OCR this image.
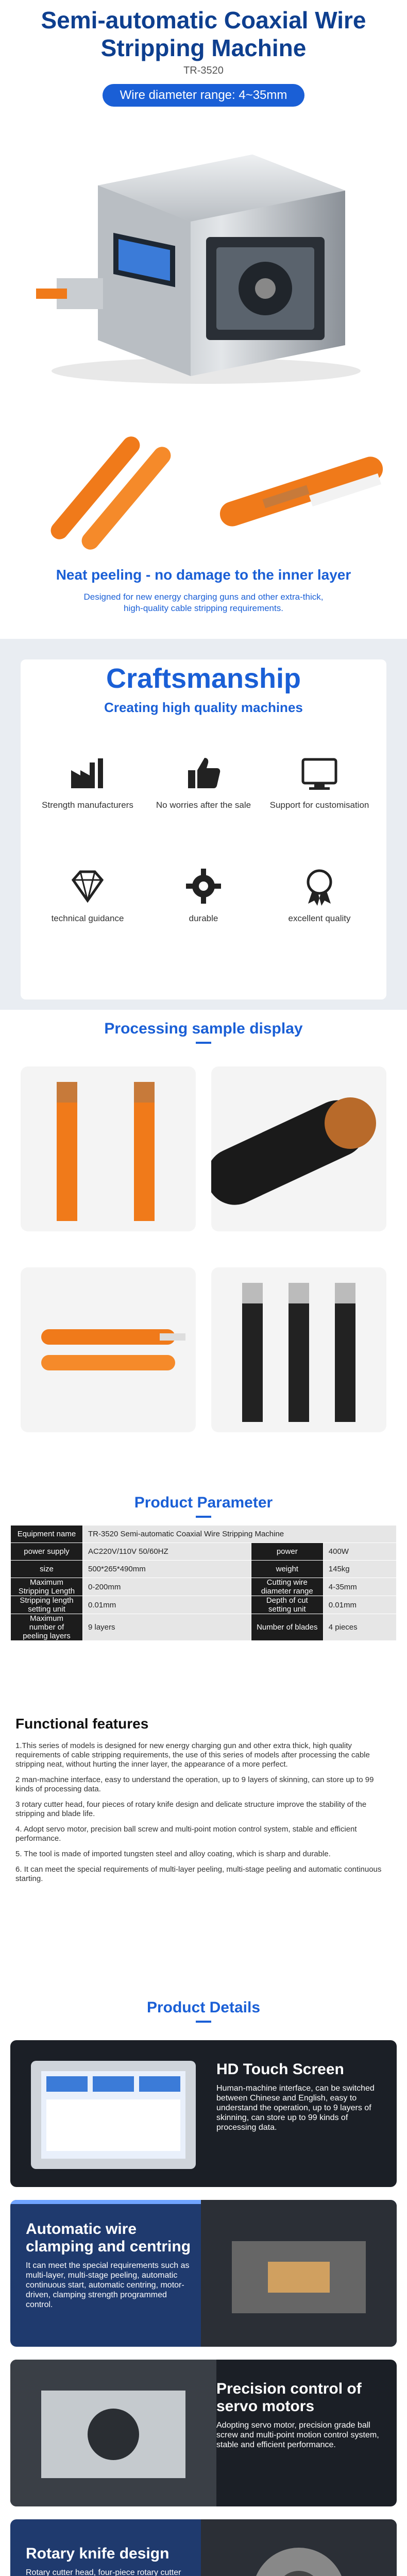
Semi-automatic Coaxial Wire
Stripping Machine
TR-3520
Wire diameter range: 4~35mm
Neat peeling - no damage to the inner layer
Designed for new energy charging guns and other extra-thick, high-quality cable stripping requirements.
Craftsmanship
Creating high quality machines
Strength manufacturers	No worries after the sale	Support for customisation
technical guidance	durable	excellent quality
Processing sample display
Product Parameter
Equipment name	TR-3520 Semi-automatic Coaxial Wire Stripping Machine		
power supply	AC220V/110V 50/60HZ	power	400W
size	500*265*490mm	weight	145kg
Maximum Stripping Length	0-200mm	Cutting wire diameter range	4-35mm
Stripping length setting unit	0.01mm	Depth of cut setting unit	0.01mm
Maximum number of peeling layers	9 layers	Number of blades	4 pieces
Functional features

1.This series of models is designed for new energy charging gun and other extra thick, high quality requirements of cable stripping requirements, the use of this series of models after processing the cable stripping neat, without hurting the inner layer, the appearance of a more perfect.

2 man-machine interface, easy to understand the operation, up to 9 layers of skinning, can store up to 99 kinds of processing data.

3 rotary cutter head, four pieces of rotary knife design and delicate structure improve the stability of the stripping and blade life.

4. Adopt servo motor, precision ball screw and multi-point motion control system, stable and efficient performance.

5. The tool is made of imported tungsten steel and alloy coating, which is sharp and durable.

6. It can meet the special requirements of multi-layer peeling, multi-stage peeling and automatic continuous starting.

Product Details
HD Touch Screen

Human-machine interface, can be switched between Chinese and English, easy to understand the operation, up to 9 layers of skinning, can store up to 99 kinds of processing data.

Automatic wire clamping and centring

It can meet the special requirements such as multi-layer, multi-stage peeling, automatic continuous start, automatic centring, motor-driven, clamping strength programmed control.

Precision control of servo motors

Adopting servo motor, precision grade ball screw and multi-point motion control system, stable and efficient performance.

Rotary knife design

Rotary cutter head, four-piece rotary cutter
